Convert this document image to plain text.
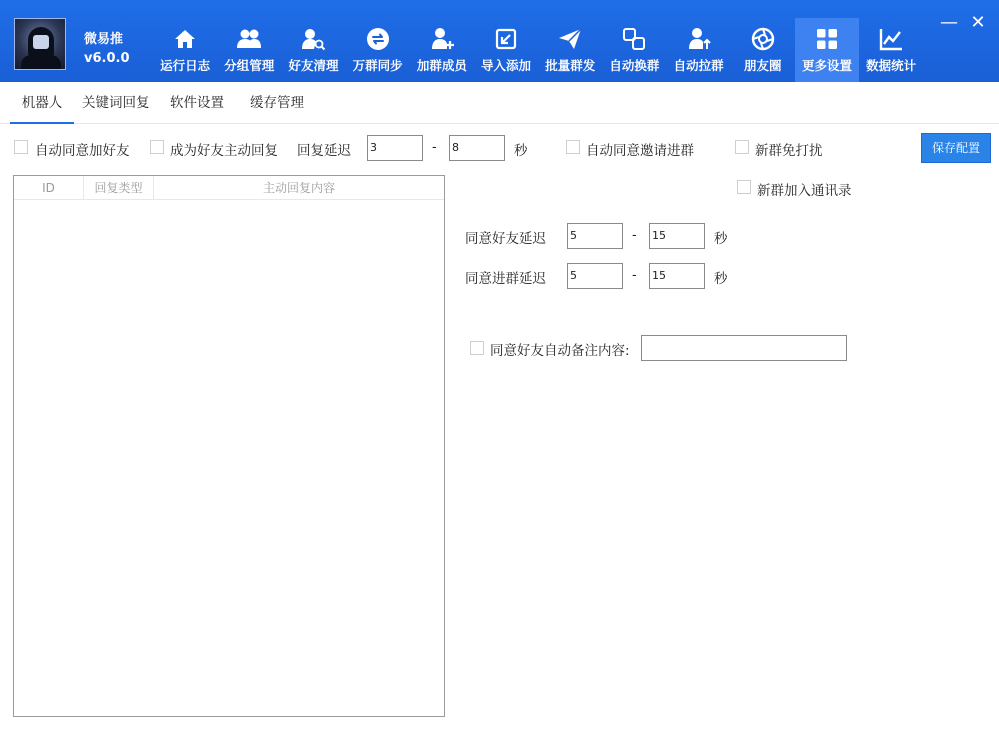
微易推
v6.0.0	运行日志	分组管理	好友清理	万群同步	加群成员	导入添加	批量群发	自动换群	自动拉群	朋友圈	更多设置	数据统计
— ✕
机器人	关键词回复 软件设置 缓存管理
自动同意加好友	成为好友主动回复 回复延迟 3	- 8	秒	自动同意邀请进群	新群免打扰	保存配置
ID	回复类型	主动回复内容	新群加入通讯录
同意好友延迟 5	- 15	秒
同意进群延迟 5	- 15	秒
同意好友自动备注内容:
